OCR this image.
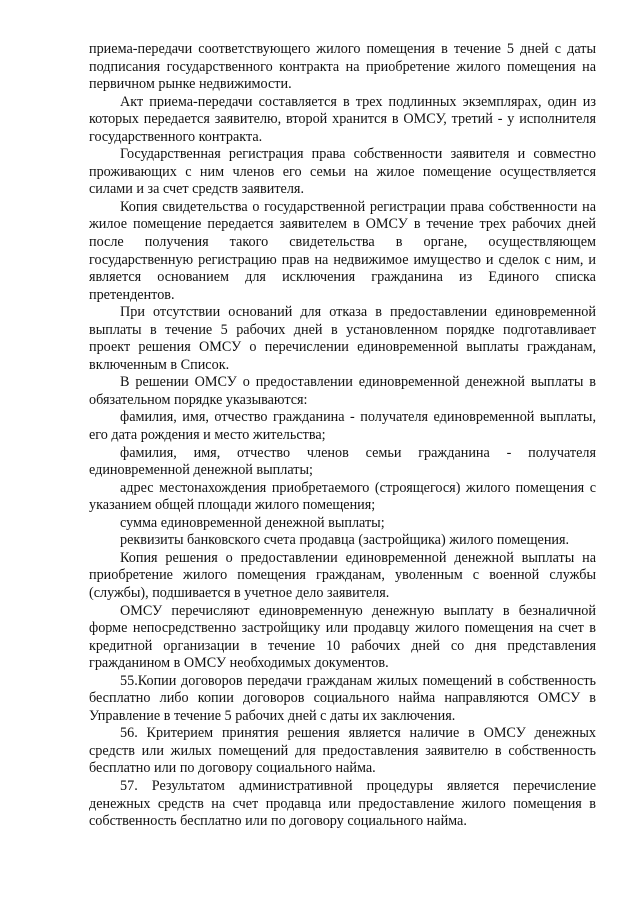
приема-передачи соответствующего жилого помещения в течение 5 дней с даты подписания государственного контракта на приобретение жилого помещения на первичном рынке недвижимости.

Акт приема-передачи составляется в трех подлинных экземплярах, один из которых передается заявителю, второй хранится в ОМСУ, третий - у исполнителя государственного контракта.

Государственная регистрация права собственности заявителя и совместно проживающих с ним членов его семьи на жилое помещение осуществляется силами и за счет средств заявителя.

Копия свидетельства о государственной регистрации права собственности на жилое помещение передается заявителем в ОМСУ в течение трех рабочих дней после получения такого свидетельства в органе, осуществляющем государственную регистрацию прав на недвижимое имущество и сделок с ним, и является основанием для исключения гражданина из Единого списка претендентов.

При отсутствии оснований для отказа в предоставлении единовременной выплаты в течение 5 рабочих дней в установленном порядке подготавливает проект решения ОМСУ о перечислении единовременной выплаты гражданам, включенным в Список.

В решении ОМСУ о предоставлении единовременной денежной выплаты в обязательном порядке указываются:

фамилия, имя, отчество гражданина - получателя единовременной выплаты, его дата рождения и место жительства;

фамилия, имя, отчество членов семьи гражданина - получателя единовременной денежной выплаты;

адрес местонахождения приобретаемого (строящегося) жилого помещения с указанием общей площади жилого помещения;

сумма единовременной денежной выплаты;

реквизиты банковского счета продавца (застройщика) жилого помещения.

Копия решения о предоставлении единовременной денежной выплаты на приобретение жилого помещения гражданам, уволенным с военной службы (службы), подшивается в учетное дело заявителя.

ОМСУ перечисляют единовременную денежную выплату в безналичной форме непосредственно застройщику или продавцу жилого помещения на счет в кредитной организации в течение 10 рабочих дней со дня представления гражданином в ОМСУ необходимых документов.

55.Копии договоров передачи гражданам жилых помещений в собственность бесплатно либо копии договоров социального найма направляются ОМСУ в Управление в течение 5 рабочих дней с даты их заключения.

56. Критерием принятия решения является наличие в ОМСУ денежных средств или жилых помещений для предоставления заявителю в собственность бесплатно или по договору социального найма.

57. Результатом административной процедуры является перечисление денежных средств на счет продавца или предоставление жилого помещения в собственность бесплатно или по договору социального найма.
